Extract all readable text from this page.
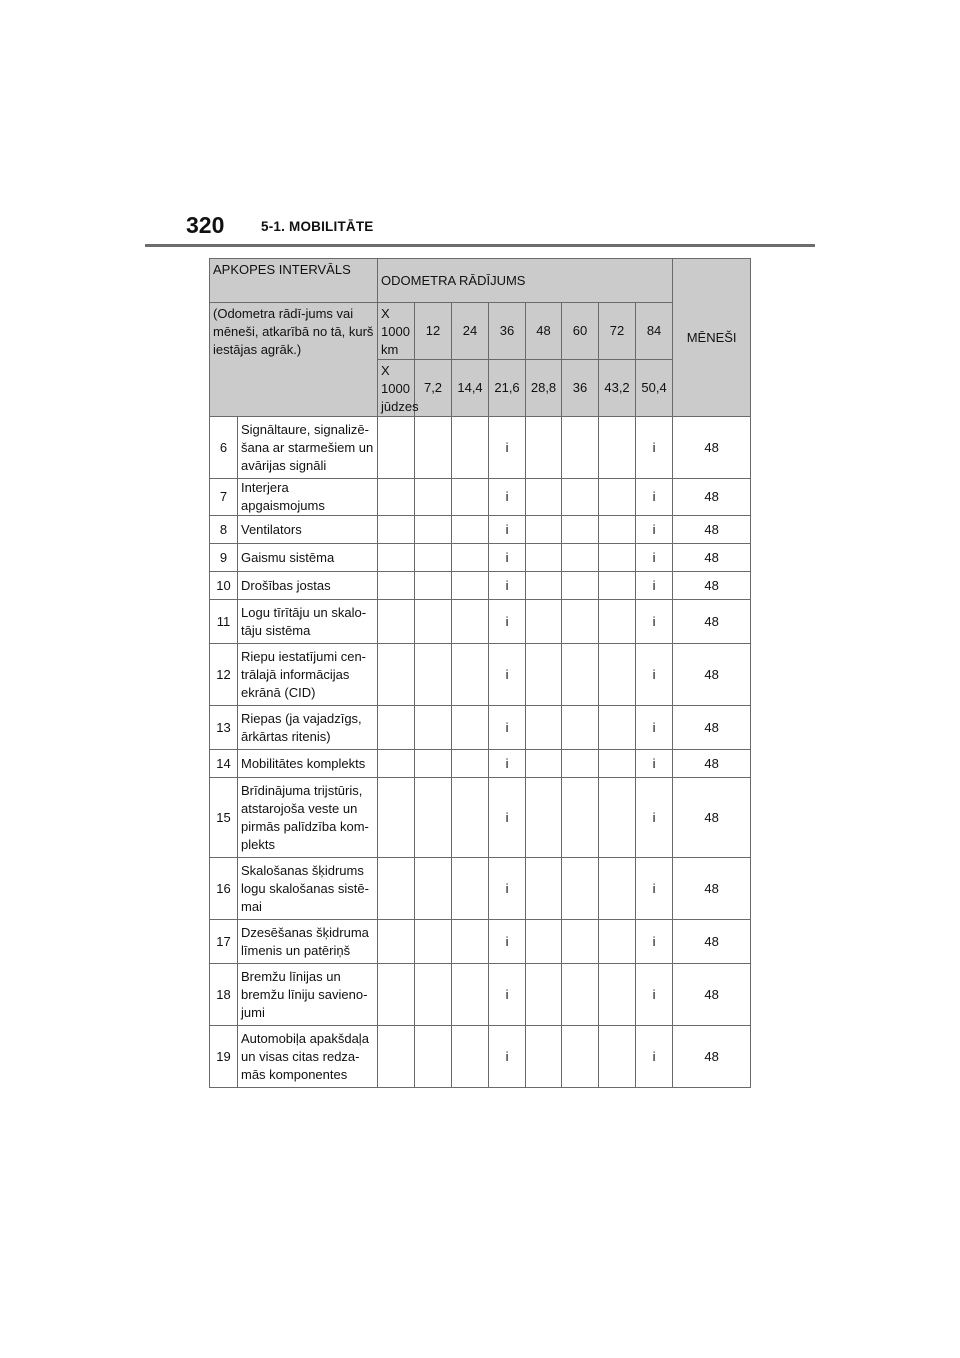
320	5-1. MOBILITĀTE
APKOPES INTERVĀLS		ODOMETRA RĀDĪJUMS								MĒNEŠI
(Odometra rādī-jums vai mēneši, atkarībā no tā, kurš iestājas agrāk.)		X 1000 km	12	24	36	48	60	72	84	
		X 1000 jūdzes	7,2	14,4	21,6	28,8	36	43,2	50,4	
6	Signāltaure, signalizē-šana ar starmešiem un avārijas signāli				i				i	48
7	Interjera apgaismojums				i				i	48
8	Ventilators				i				i	48
9	Gaismu sistēma				i				i	48
10	Drošības jostas				i				i	48
11	Logu tīrītāju un skalo-tāju sistēma				i				i	48
12	Riepu iestatījumi cen-trālajā informācijas ekrānā (CID)				i				i	48
13	Riepas (ja vajadzīgs, ārkārtas ritenis)				i				i	48
14	Mobilitātes komplekts				i				i	48
15	Brīdinājuma trijstūris, atstarojoša veste un pirmās palīdzība kom-plekts				i				i	48
16	Skalošanas šķidrums logu skalošanas sistē-mai				i				i	48
17	Dzesēšanas šķidruma līmenis un patēriņš				i				i	48
18	Bremžu līnijas un bremžu līniju savieno-jumi				i				i	48
19	Automobiļa apakšdaļa un visas citas redza-mās komponentes				i				i	48
